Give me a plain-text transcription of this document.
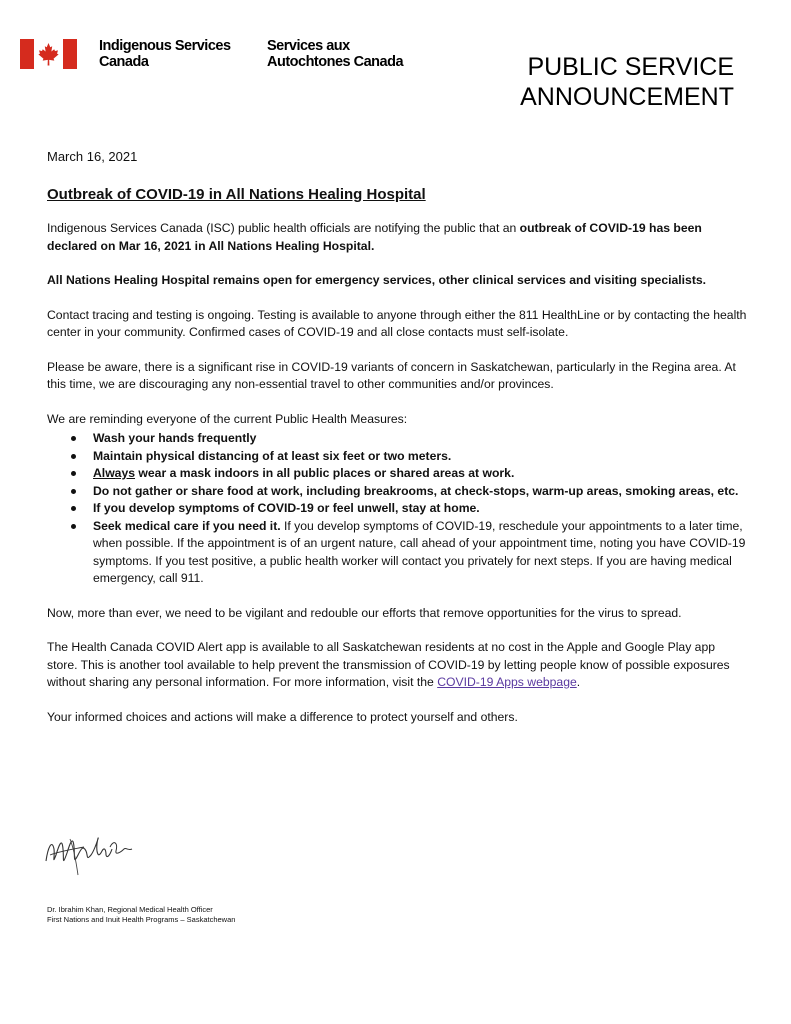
Indigenous Services
Canada
Services aux
Autochtones Canada	PUBLIC SERVICE
ANNOUNCEMENT
March 16, 2021
Outbreak of COVID-19 in All Nations Healing Hospital

Indigenous Services Canada (ISC) public health officials are notifying the public that an outbreak of COVID-19 has been declared on Mar 16, 2021 in All Nations Healing Hospital.

All Nations Healing Hospital remains open for emergency services, other clinical services and visiting specialists.

Contact tracing and testing is ongoing. Testing is available to anyone through either the 811 HealthLine or by contacting the health center in your community. Confirmed cases of COVID-19 and all close contacts must self-isolate.

Please be aware, there is a significant rise in COVID-19 variants of concern in Saskatchewan, particularly in the Regina area. At this time, we are discouraging any non-essential travel to other communities and/or provinces.

We are reminding everyone of the current Public Health Measures:

Wash your hands frequently
Maintain physical distancing of at least six feet or two meters.
Always wear a mask indoors in all public places or shared areas at work.
Do not gather or share food at work, including breakrooms, at check-stops, warm-up areas, smoking areas, etc.
If you develop symptoms of COVID-19 or feel unwell, stay at home.
Seek medical care if you need it. If you develop symptoms of COVID-19, reschedule your appointments to a later time, when possible. If the appointment is of an urgent nature, call ahead of your appointment time, noting you have COVID-19 symptoms. If you test positive, a public health worker will contact you privately for next steps. If you are having medical emergency, call 911.

Now, more than ever, we need to be vigilant and redouble our efforts that remove opportunities for the virus to spread.

The Health Canada COVID Alert app is available to all Saskatchewan residents at no cost in the Apple and Google Play app store. This is another tool available to help prevent the transmission of COVID-19 by letting people know of possible exposures without sharing any personal information. For more information, visit the COVID-19 Apps webpage.

Your informed choices and actions will make a difference to protect yourself and others.

Dr. Ibrahim Khan, Regional Medical Health Officer
First Nations and Inuit Health Programs – Saskatchewan
